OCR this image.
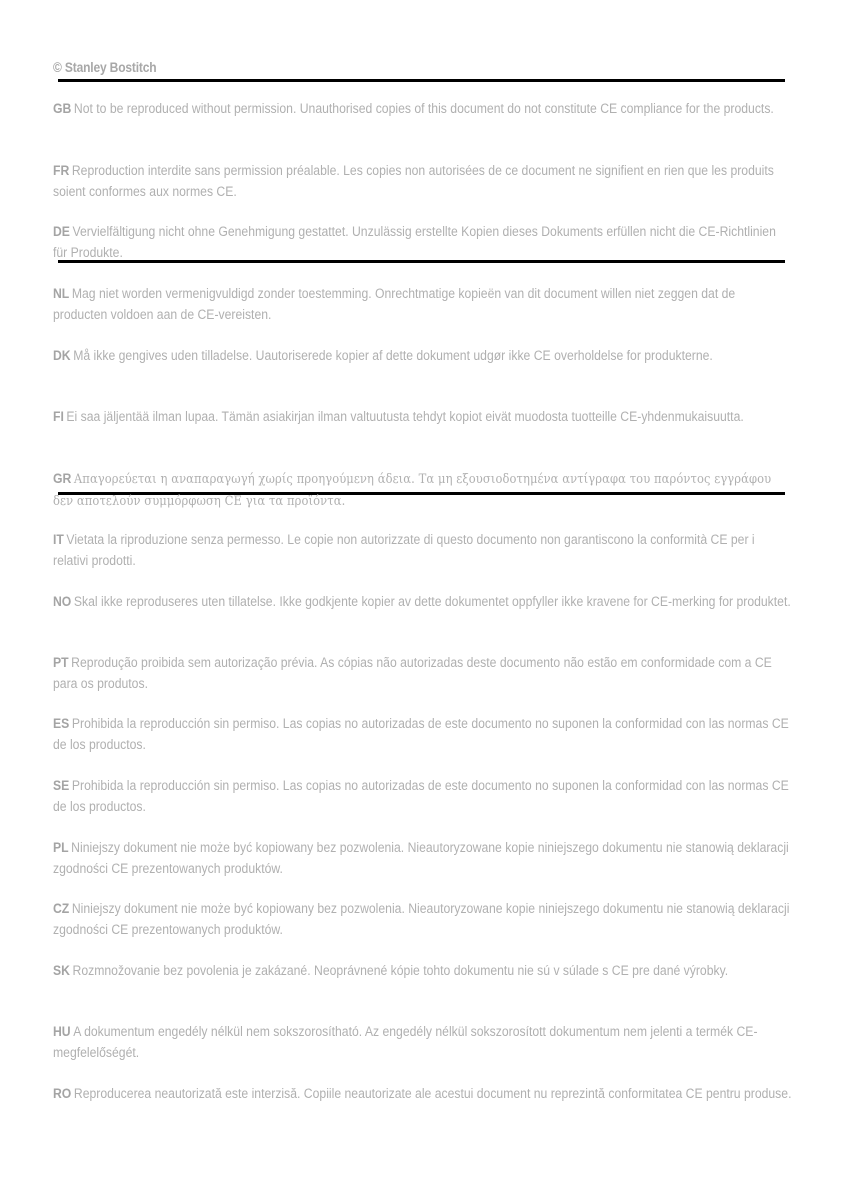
© Stanley Bostitch
GB Not to be reproduced without permission. Unauthorised copies of this document do not constitute CE compliance for the products.
FR Reproduction interdite sans permission préalable. Les copies non autorisées de ce document ne signifient en rien que les produits soient conformes aux normes CE.
DE Vervielfältigung nicht ohne Genehmigung gestattet. Unzulässig erstellte Kopien dieses Dokuments erfüllen nicht die CE-Richtlinien für Produkte.
NL Mag niet worden vermenigvuldigd zonder toestemming. Onrechtmatige kopieën van dit document willen niet zeggen dat de producten voldoen aan de CE-vereisten.
DK Må ikke gengives uden tilladelse. Uautoriserede kopier af dette dokument udgør ikke CE overholdelse for produkterne.
FI Ei saa jäljentää ilman lupaa. Tämän asiakirjan ilman valtuutusta tehdyt kopiot eivät muodosta tuotteille CE-yhdenmukaisuutta.
GR Απαγορεύεται η αναπαραγωγή χωρίς προηγούμενη άδεια. Τα μη εξουσιοδοτημένα αντίγραφα του παρόντος εγγράφου δεν αποτελούν συμμόρφωση CE για τα προϊόντα.
IT Vietata la riproduzione senza permesso. Le copie non autorizzate di questo documento non garantiscono la conformità CE per i relativi prodotti.
NO Skal ikke reproduseres uten tillatelse. Ikke godkjente kopier av dette dokumentet oppfyller ikke kravene for CE-merking for produktet.
PT Reprodução proibida sem autorização prévia. As cópias não autorizadas deste documento não estão em conformidade com a CE para os produtos.
ES Prohibida la reproducción sin permiso. Las copias no autorizadas de este documento no suponen la conformidad con las normas CE de los productos.
SE Prohibida la reproducción sin permiso. Las copias no autorizadas de este documento no suponen la conformidad con las normas CE de los productos.
PL Niniejszy dokument nie może być kopiowany bez pozwolenia. Nieautoryzowane kopie niniejszego dokumentu nie stanowią deklaracji zgodności CE prezentowanych produktów.
CZ Niniejszy dokument nie może być kopiowany bez pozwolenia. Nieautoryzowane kopie niniejszego dokumentu nie stanowią deklaracji zgodności CE prezentowanych produktów.
SK Rozmnožovanie bez povolenia je zakázané. Neoprávnené kópie tohto dokumentu nie sú v súlade s CE pre dané výrobky.
HU A dokumentum engedély nélkül nem sokszorosítható. Az engedély nélkül sokszorosított dokumentum nem jelenti a termék CE-megfelelőségét.
RO Reproducerea neautorizată este interzisă. Copiile neautorizate ale acestui document nu reprezintă conformitatea CE pentru produse.
